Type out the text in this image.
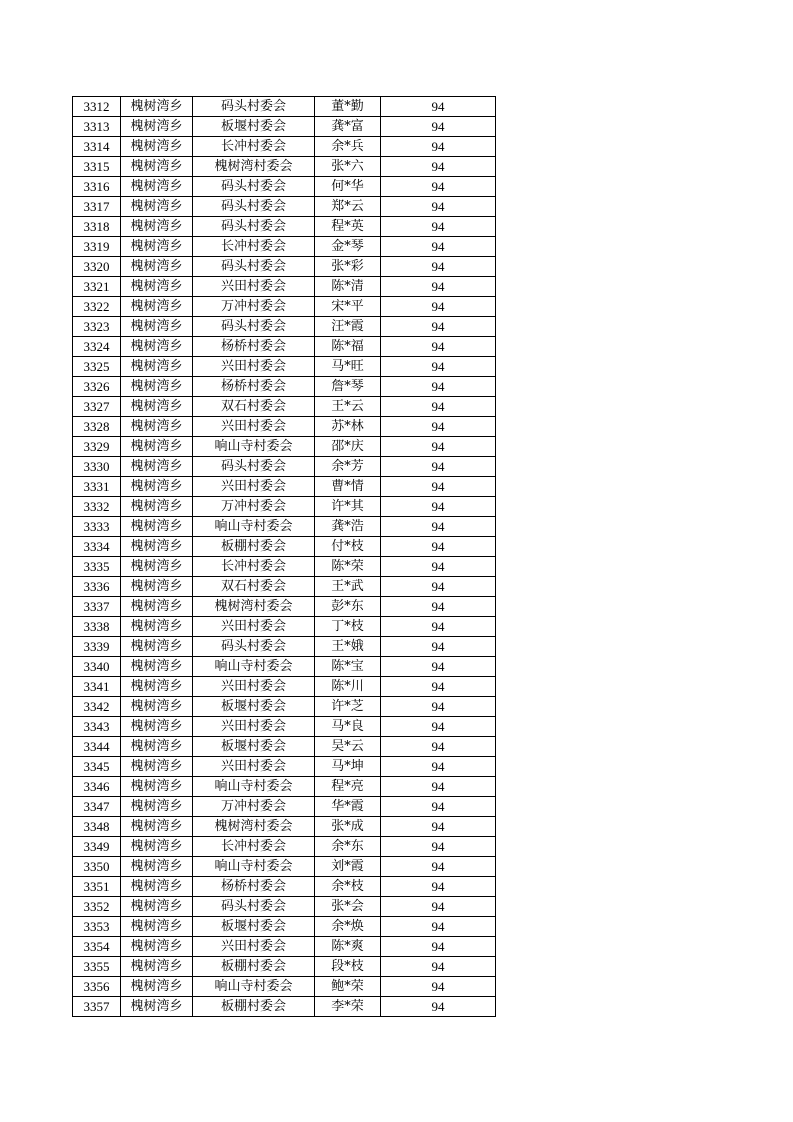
3312	槐树湾乡	码头村委会	董*勤	94
3313	槐树湾乡	板堰村委会	龚*富	94
3314	槐树湾乡	长冲村委会	余*兵	94
3315	槐树湾乡	槐树湾村委会	张*六	94
3316	槐树湾乡	码头村委会	何*华	94
3317	槐树湾乡	码头村委会	郑*云	94
3318	槐树湾乡	码头村委会	程*英	94
3319	槐树湾乡	长冲村委会	金*琴	94
3320	槐树湾乡	码头村委会	张*彩	94
3321	槐树湾乡	兴田村委会	陈*清	94
3322	槐树湾乡	万冲村委会	宋*平	94
3323	槐树湾乡	码头村委会	汪*霞	94
3324	槐树湾乡	杨桥村委会	陈*福	94
3325	槐树湾乡	兴田村委会	马*旺	94
3326	槐树湾乡	杨桥村委会	詹*琴	94
3327	槐树湾乡	双石村委会	王*云	94
3328	槐树湾乡	兴田村委会	苏*林	94
3329	槐树湾乡	响山寺村委会	邵*庆	94
3330	槐树湾乡	码头村委会	余*芳	94
3331	槐树湾乡	兴田村委会	曹*情	94
3332	槐树湾乡	万冲村委会	许*其	94
3333	槐树湾乡	响山寺村委会	龚*浩	94
3334	槐树湾乡	板棚村委会	付*枝	94
3335	槐树湾乡	长冲村委会	陈*荣	94
3336	槐树湾乡	双石村委会	王*武	94
3337	槐树湾乡	槐树湾村委会	彭*东	94
3338	槐树湾乡	兴田村委会	丁*枝	94
3339	槐树湾乡	码头村委会	王*娥	94
3340	槐树湾乡	响山寺村委会	陈*宝	94
3341	槐树湾乡	兴田村委会	陈*川	94
3342	槐树湾乡	板堰村委会	许*芝	94
3343	槐树湾乡	兴田村委会	马*良	94
3344	槐树湾乡	板堰村委会	吴*云	94
3345	槐树湾乡	兴田村委会	马*坤	94
3346	槐树湾乡	响山寺村委会	程*亮	94
3347	槐树湾乡	万冲村委会	华*霞	94
3348	槐树湾乡	槐树湾村委会	张*成	94
3349	槐树湾乡	长冲村委会	余*东	94
3350	槐树湾乡	响山寺村委会	刘*霞	94
3351	槐树湾乡	杨桥村委会	余*枝	94
3352	槐树湾乡	码头村委会	张*会	94
3353	槐树湾乡	板堰村委会	余*焕	94
3354	槐树湾乡	兴田村委会	陈*爽	94
3355	槐树湾乡	板棚村委会	段*枝	94
3356	槐树湾乡	响山寺村委会	鲍*荣	94
3357	槐树湾乡	板棚村委会	李*荣	94
